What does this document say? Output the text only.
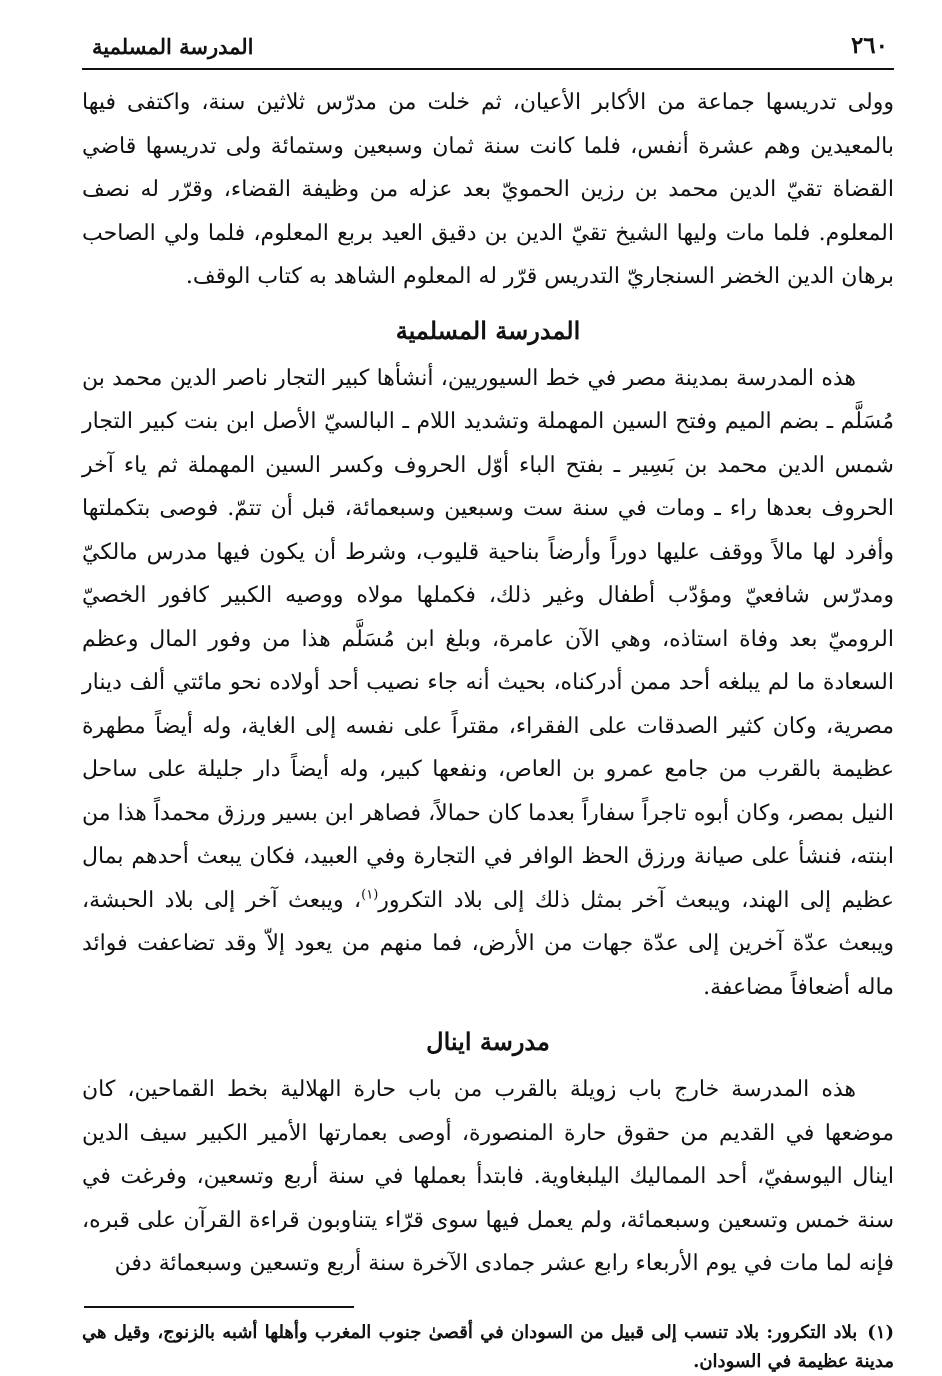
٢٦٠
المدرسة المسلمية

وولى تدريسها جماعة من الأكابر الأعيان، ثم خلت من مدرّس ثلاثين سنة، واكتفى فيها بالمعيدين وهم عشرة أنفس، فلما كانت سنة ثمان وسبعين وستمائة ولى تدريسها قاضي القضاة تقيّ الدين محمد بن رزين الحمويّ بعد عزله من وظيفة القضاء، وقرّر له نصف المعلوم. فلما مات وليها الشيخ تقيّ الدين بن دقيق العيد بربع المعلوم، فلما ولي الصاحب برهان الدين الخضر السنجاريّ التدريس قرّر له المعلوم الشاهد به كتاب الوقف.

المدرسة المسلمية

هذه المدرسة بمدينة مصر في خط السيوريين، أنشأها كبير التجار ناصر الدين محمد بن مُسَلَّم ـ بضم الميم وفتح السين المهملة وتشديد اللام ـ البالسيّ الأصل ابن بنت كبير التجار شمس الدين محمد بن بَسِير ـ بفتح الباء أوّل الحروف وكسر السين المهملة ثم ياء آخر الحروف بعدها راء ـ ومات في سنة ست وسبعين وسبعمائة، قبل أن تتمّ. فوصى بتكملتها وأفرد لها مالاً ووقف عليها دوراً وأرضاً بناحية قليوب، وشرط أن يكون فيها مدرس مالكيّ ومدرّس شافعيّ ومؤدّب أطفال وغير ذلك، فكملها مولاه ووصيه الكبير كافور الخصيّ الروميّ بعد وفاة استاذه، وهي الآن عامرة، وبلغ ابن مُسَلَّم هذا من وفور المال وعظم السعادة ما لم يبلغه أحد ممن أدركناه، بحيث أنه جاء نصيب أحد أولاده نحو مائتي ألف دينار مصرية، وكان كثير الصدقات على الفقراء، مقتراً على نفسه إلى الغاية، وله أيضاً مطهرة عظيمة بالقرب من جامع عمرو بن العاص، ونفعها كبير، وله أيضاً دار جليلة على ساحل النيل بمصر، وكان أبوه تاجراً سفاراً بعدما كان حمالاً، فصاهر ابن بسير ورزق محمداً هذا من ابنته، فنشأ على صيانة ورزق الحظ الوافر في التجارة وفي العبيد، فكان يبعث أحدهم بمال عظيم إلى الهند، ويبعث آخر بمثل ذلك إلى بلاد التكرور$^{(١)}$، ويبعث آخر إلى بلاد الحبشة، ويبعث عدّة آخرين إلى عدّة جهات من الأرض، فما منهم من يعود إلاّ وقد تضاعفت فوائد ماله أضعافاً مضاعفة.

مدرسة اينال

هذه المدرسة خارج باب زويلة بالقرب من باب حارة الهلالية بخط القماحين، كان موضعها في القديم من حقوق حارة المنصورة، أوصى بعمارتها الأمير الكبير سيف الدين اينال اليوسفيّ، أحد المماليك اليلبغاوية. فابتدأ بعملها في سنة أربع وتسعين، وفرغت في سنة خمس وتسعين وسبعمائة، ولم يعمل فيها سوى قرّاء يتناوبون قراءة القرآن على قبره، فإنه لما مات في يوم الأربعاء رابع عشر جمادى الآخرة سنة أربع وتسعين وسبعمائة دفن

(١)بلاد التكرور: بلاد تنسب إلى قبيل من السودان في أقصىٰ جنوب المغرب وأهلها أشبه بالزنوج، وقيل هي مدينة عظيمة في السودان.
